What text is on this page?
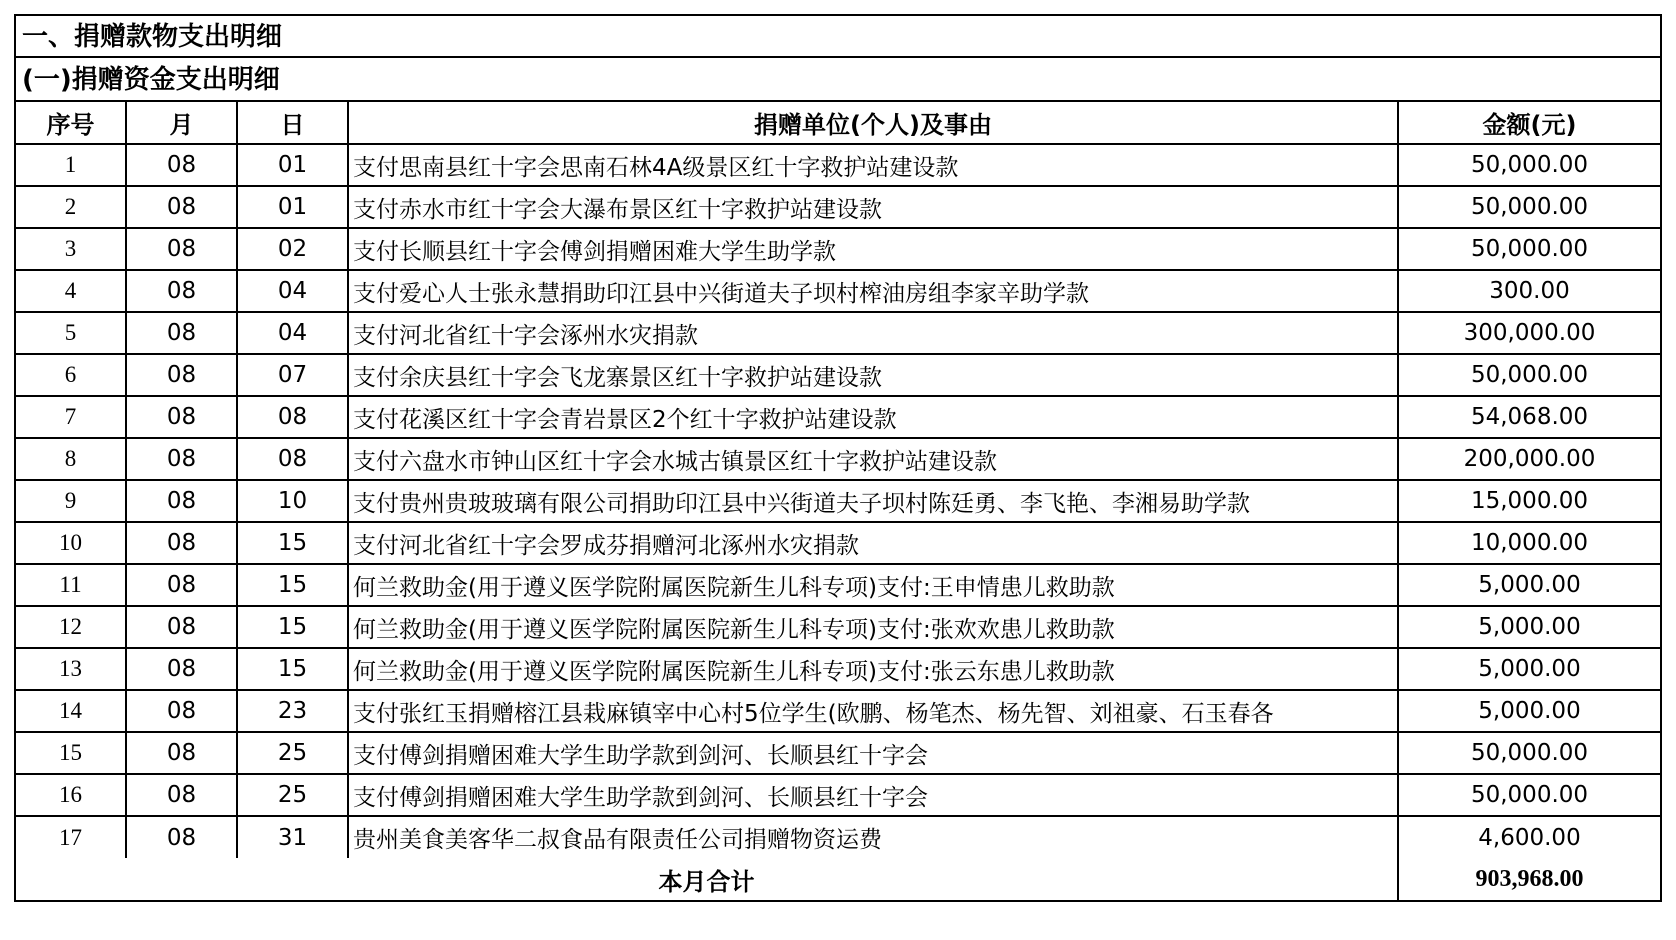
一、捐赠款物支出明细
(一)捐赠资金支出明细
序号	月	日	捐赠单位(个人)及事由	金额(元)
1	08	01	支付思南县红十字会思南石林4A级景区红十字救护站建设款	50,000.00
2	08	01	支付赤水市红十字会大瀑布景区红十字救护站建设款	50,000.00
3	08	02	支付长顺县红十字会傅剑捐赠困难大学生助学款	50,000.00
4	08	04	支付爱心人士张永慧捐助印江县中兴街道夫子坝村榨油房组李家辛助学款	300.00
5	08	04	支付河北省红十字会涿州水灾捐款	300,000.00
6	08	07	支付余庆县红十字会飞龙寨景区红十字救护站建设款	50,000.00
7	08	08	支付花溪区红十字会青岩景区2个红十字救护站建设款	54,068.00
8	08	08	支付六盘水市钟山区红十字会水城古镇景区红十字救护站建设款	200,000.00
9	08	10	支付贵州贵玻玻璃有限公司捐助印江县中兴街道夫子坝村陈廷勇、李飞艳、李湘易助学款	15,000.00
10	08	15	支付河北省红十字会罗成芬捐赠河北涿州水灾捐款	10,000.00
11	08	15	何兰救助金(用于遵义医学院附属医院新生儿科专项)支付:王申情患儿救助款	5,000.00
12	08	15	何兰救助金(用于遵义医学院附属医院新生儿科专项)支付:张欢欢患儿救助款	5,000.00
13	08	15	何兰救助金(用于遵义医学院附属医院新生儿科专项)支付:张云东患儿救助款	5,000.00
14	08	23	支付张红玉捐赠榕江县栽麻镇宰中心村5位学生(欧鹏、杨笔杰、杨先智、刘祖豪、石玉春各	5,000.00
15	08	25	支付傅剑捐赠困难大学生助学款到剑河、长顺县红十字会	50,000.00
16	08	25	支付傅剑捐赠困难大学生助学款到剑河、长顺县红十字会	50,000.00
17	08	31	贵州美食美客华二叔食品有限责任公司捐赠物资运费	4,600.00
本月合计				903,968.00
